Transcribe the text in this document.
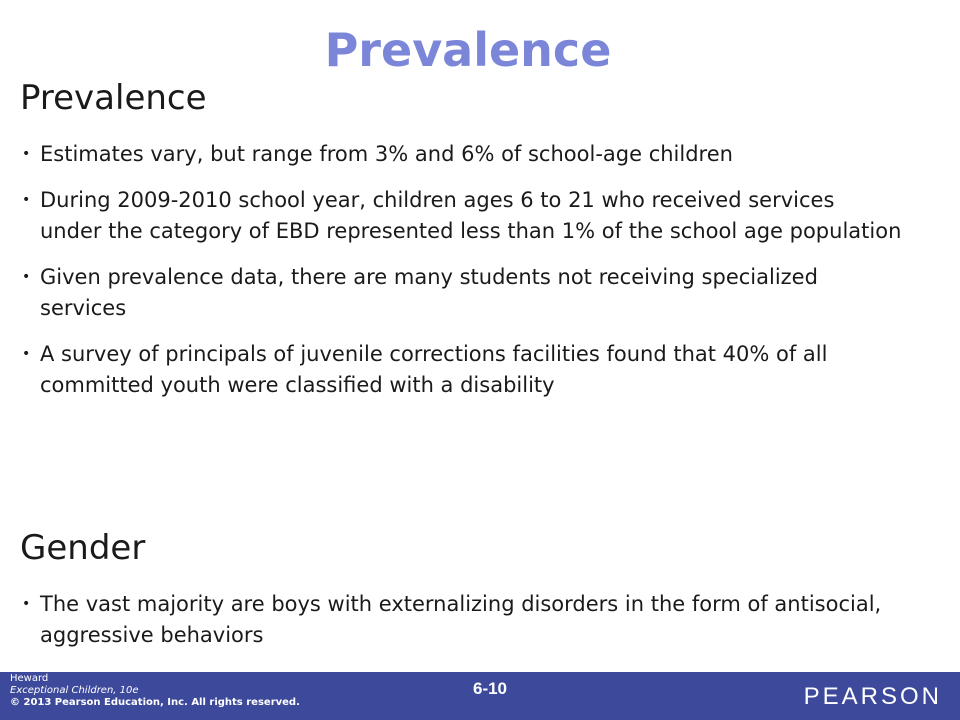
Prevalence
Prevalence
• Estimates vary, but range from 3% and 6% of school-age children
• During 2009-2010 school year, children ages 6 to 21 who received services under the category of EBD represented less than 1% of the school age population
• Given prevalence data, there are many students not receiving specialized services
• A survey of principals of juvenile corrections facilities found that 40% of all committed youth were classified with a disability
Gender
• The vast majority are boys with externalizing disorders in the form of antisocial, aggressive behaviors
Heward
Exceptional Children, 10e
© 2013 Pearson Education, Inc. All rights reserved.
6-10	PEARSON
